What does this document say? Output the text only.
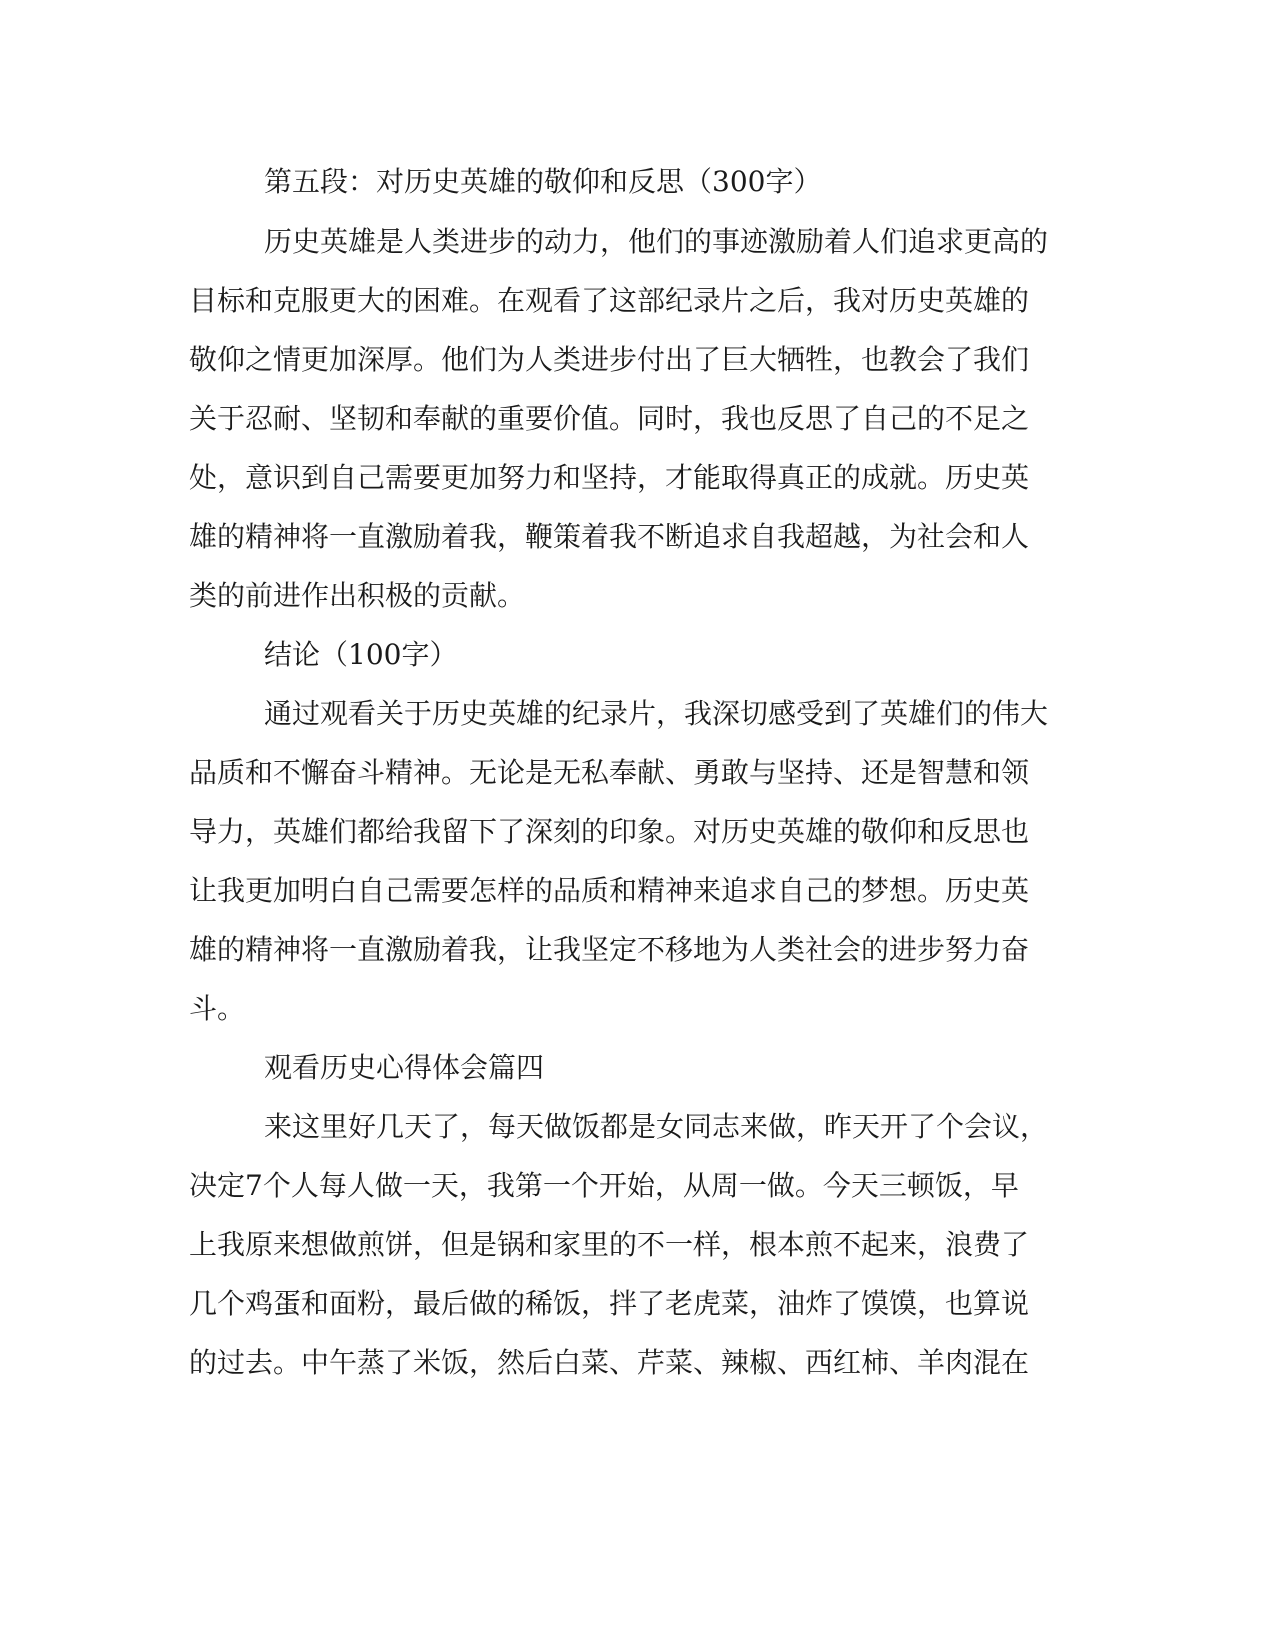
第五段：对历史英雄的敬仰和反思（300字）
历史英雄是人类进步的动力，他们的事迹激励着人们追求更高的
目标和克服更大的困难。在观看了这部纪录片之后，我对历史英雄的
敬仰之情更加深厚。他们为人类进步付出了巨大牺牲，也教会了我们
关于忍耐、坚韧和奉献的重要价值。同时，我也反思了自己的不足之
处，意识到自己需要更加努力和坚持，才能取得真正的成就。历史英
雄的精神将一直激励着我，鞭策着我不断追求自我超越，为社会和人
类的前进作出积极的贡献。
结论（100字）
通过观看关于历史英雄的纪录片，我深切感受到了英雄们的伟大
品质和不懈奋斗精神。无论是无私奉献、勇敢与坚持、还是智慧和领
导力，英雄们都给我留下了深刻的印象。对历史英雄的敬仰和反思也
让我更加明白自己需要怎样的品质和精神来追求自己的梦想。历史英
雄的精神将一直激励着我，让我坚定不移地为人类社会的进步努力奋
斗。
观看历史心得体会篇四
来这里好几天了，每天做饭都是女同志来做，昨天开了个会议，
决定7个人每人做一天，我第一个开始，从周一做。今天三顿饭，早
上我原来想做煎饼，但是锅和家里的不一样，根本煎不起来，浪费了
几个鸡蛋和面粉，最后做的稀饭，拌了老虎菜，油炸了馍馍，也算说
的过去。中午蒸了米饭，然后白菜、芹菜、辣椒、西红柿、羊肉混在
